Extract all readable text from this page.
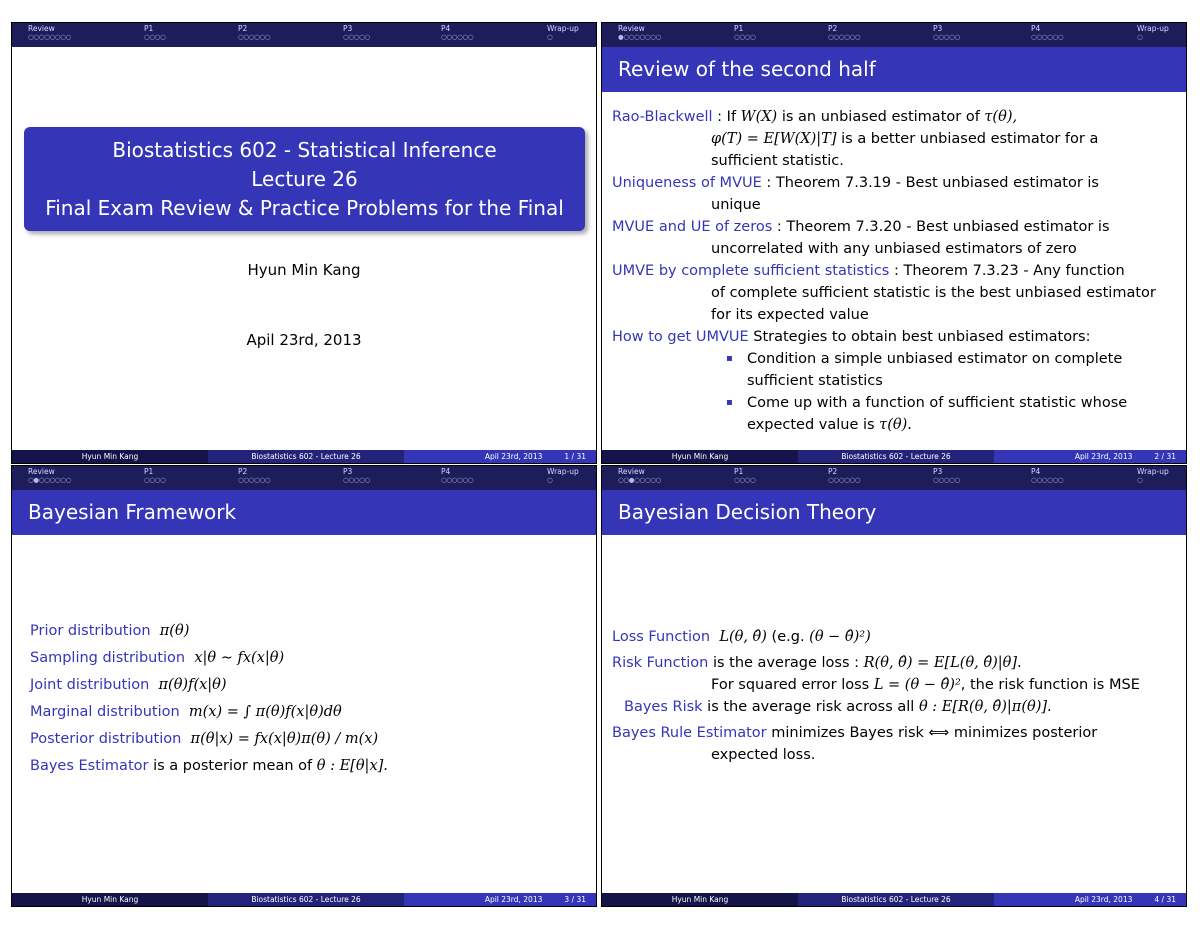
Review
○○○○○○○○
P1
○○○○
P2
○○○○○○
P3
○○○○○
P4
○○○○○○
Wrap-up
○
Biostatistics 602 - Statistical Inference
Lecture 26
Final Exam Review & Practice Problems for the Final
Hyun Min Kang
Apil 23rd, 2013
Hyun Min Kang	Biostatistics 602 - Lecture 26	Apil 23rd, 2013	1 / 31
Review
●○○○○○○○
P1
○○○○
P2
○○○○○○
P3
○○○○○
P4
○○○○○○
Wrap-up
○
Review of the second half
Rao-Blackwell : If W(X) is an unbiased estimator of τ(θ),
φ(T) = E[W(X)|T] is a better unbiased estimator for a
sufficient statistic.
Uniqueness of MVUE : Theorem 7.3.19 - Best unbiased estimator is
unique
MVUE and UE of zeros : Theorem 7.3.20 - Best unbiased estimator is
uncorrelated with any unbiased estimators of zero
UMVE by complete sufficient statistics : Theorem 7.3.23 - Any function
of complete sufficient statistic is the best unbiased estimator
for its expected value
How to get UMVUE Strategies to obtain best unbiased estimators:
▪ Condition a simple unbiased estimator on complete
sufficient statistics
▪ Come up with a function of sufficient statistic whose
expected value is τ(θ).
Hyun Min Kang	Biostatistics 602 - Lecture 26	Apil 23rd, 2013	2 / 31
Review
○●○○○○○○
P1
○○○○
P2
○○○○○○
P3
○○○○○
P4
○○○○○○
Wrap-up
○
Bayesian Framework
Prior distribution π(θ)
Sampling distribution x|θ ∼ fx(x|θ)
Joint distribution π(θ)f(x|θ)
Marginal distribution m(x) = ∫ π(θ)f(x|θ)dθ
Posterior distribution π(θ|x) = fx(x|θ)π(θ) / m(x)
Bayes Estimator is a posterior mean of θ : E[θ|x].
Hyun Min Kang	Biostatistics 602 - Lecture 26	Apil 23rd, 2013	3 / 31
Review
○○●○○○○○
P1
○○○○
P2
○○○○○○
P3
○○○○○
P4
○○○○○○
Wrap-up
○
Bayesian Decision Theory
Loss Function L(θ, θ̂) (e.g. (θ − θ̂)²)
Risk Function is the average loss : R(θ, θ̂) = E[L(θ, θ̂)|θ].
For squared error loss L = (θ − θ̂)², the risk function is MSE
Bayes Risk is the average risk across all θ : E[R(θ, θ̂)|π(θ)].
Bayes Rule Estimator minimizes Bayes risk ⟺ minimizes posterior
expected loss.
Hyun Min Kang	Biostatistics 602 - Lecture 26	Apil 23rd, 2013	4 / 31
